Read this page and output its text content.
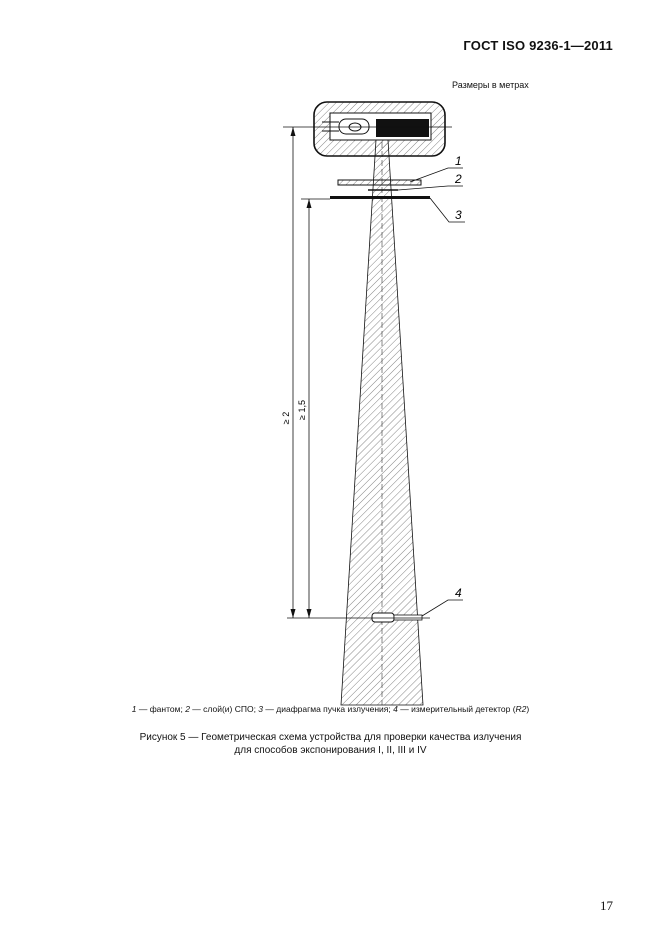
ГОСТ ISO 9236-1—2011
Размеры в метрах
1
2
3
4
≥ 2 ≥ 1,5
1 — фантом; 2 — слой(и) СПО; 3 — диафрагма пучка излучения; 4 — измерительный детектор (R2)
Рисунок 5 — Геометрическая схема устройства для проверки качества излучения
для способов экспонирования I, II, III и IV
17
